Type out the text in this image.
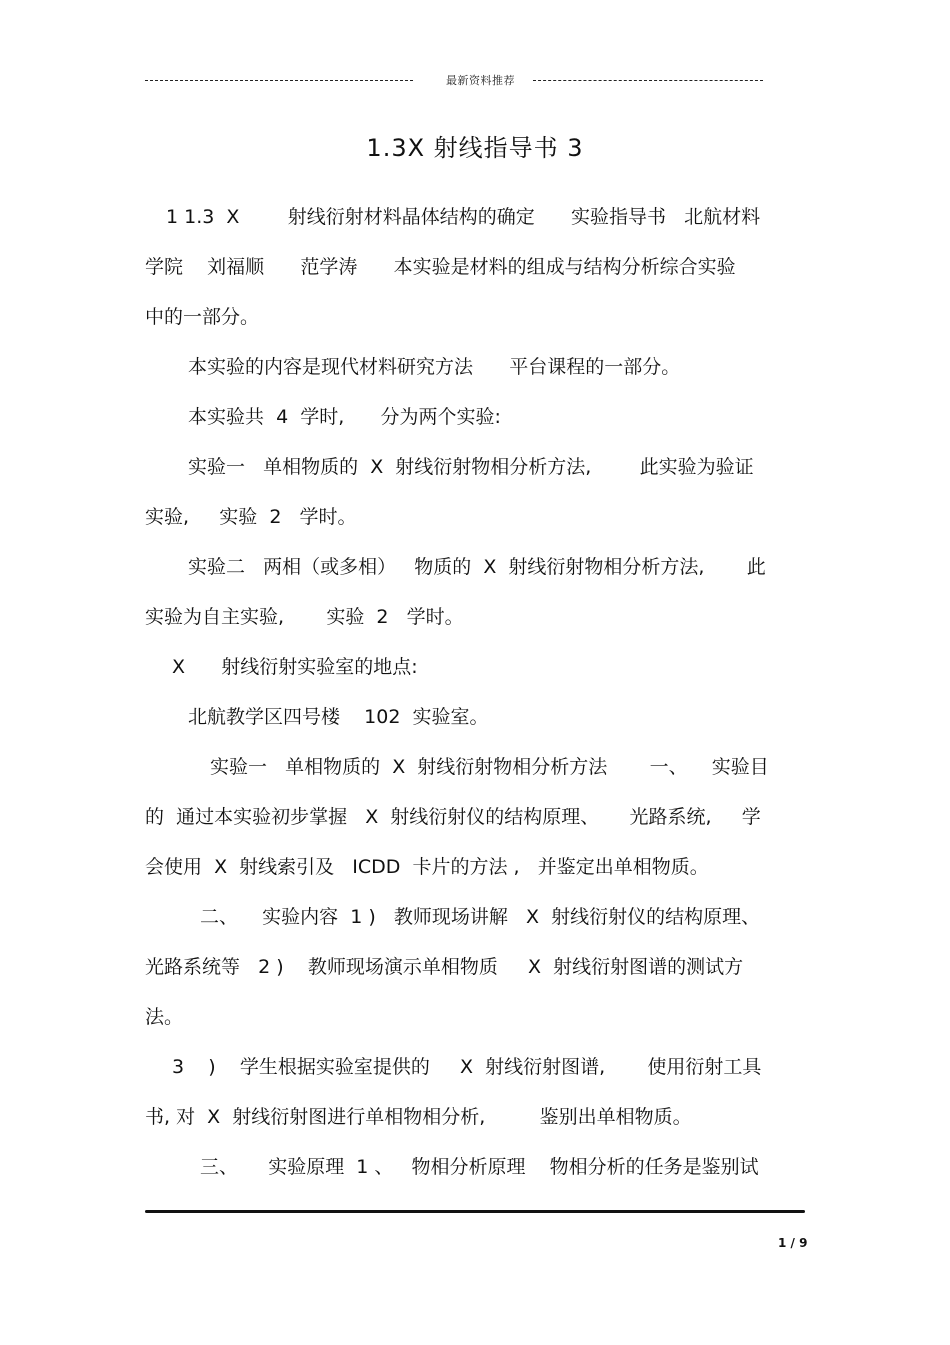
最新资料推荐
1.3X 射线指导书 3
1 1.3  X        射线衍射材料晶体结构的确定      实验指导书   北航材料
学院    刘福顺      范学涛      本实验是材料的组成与结构分析综合实验
中的一部分。
本实验的内容是现代材料研究方法      平台课程的一部分。
本实验共  4  学时,      分为两个实验:
实验一   单相物质的  X  射线衍射物相分析方法,        此实验为验证
实验,     实验  2   学时。
实验二   两相（或多相）   物质的  X  射线衍射物相分析方法,       此
实验为自主实验,       实验  2   学时。
X      射线衍射实验室的地点:
北航教学区四号楼    102  实验室。
实验一   单相物质的  X  射线衍射物相分析方法       一、    实验目
的  通过本实验初步掌握   X  射线衍射仪的结构原理、     光路系统,     学
会使用  X  射线索引及   ICDD  卡片的方法 ,   并鉴定出单相物质。
二、    实验内容  1 )   教师现场讲解   X  射线衍射仪的结构原理、
光路系统等   2 )    教师现场演示单相物质     X  射线衍射图谱的测试方
法。
3    )    学生根据实验室提供的     X  射线衍射图谱,       使用衍射工具
书, 对  X  射线衍射图进行单相物相分析,         鉴别出单相物质。
三、     实验原理  1 、   物相分析原理    物相分析的任务是鉴别试
1 / 9
